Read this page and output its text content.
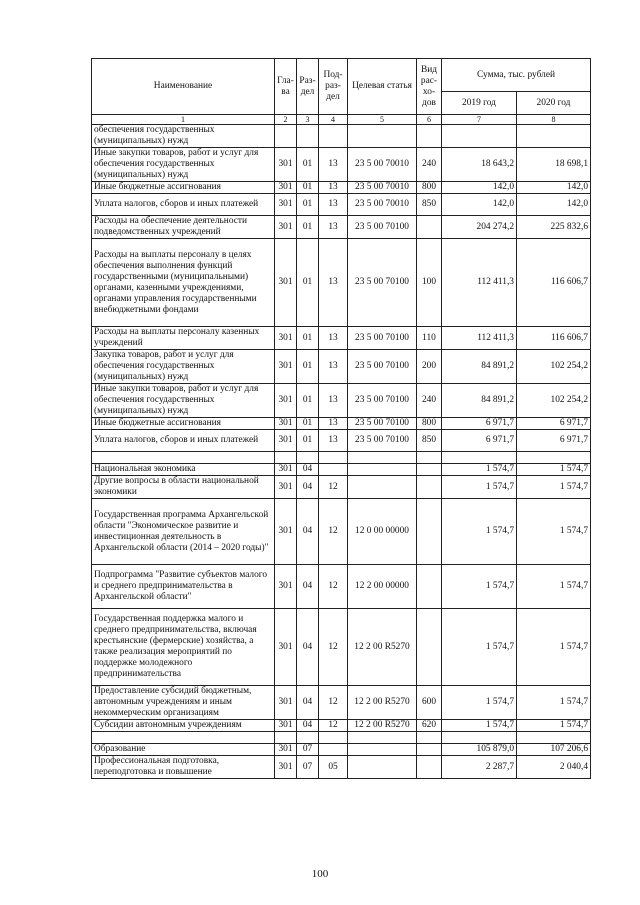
Наименование	Гла-ва	Раз-дел	Под-раз-дел	Целевая статья	Вид рас-хо-дов	Сумма, тыс. рублей	
						2019 год	2020 год
1	2	3	4	5	6	7	8
обеспечения государственных (муниципальных) нужд							
Иные закупки товаров, работ и услуг для обеспечения государственных (муниципальных) нужд	301	01	13	23 5 00 70010	240	18 643,2	18 698,1
Иные бюджетные ассигнования	301	01	13	23 5 00 70010	800	142,0	142,0
Уплата налогов, сборов и иных платежей	301	01	13	23 5 00 70010	850	142,0	142,0
Расходы на обеспечение деятельности подведомственных учреждений	301	01	13	23 5 00 70100		204 274,2	225 832,6
Расходы на выплаты персоналу в целях обеспечения выполнения функций государственными (муниципальными) органами, казенными учреждениями, органами управления государственными внебюджетными фондами	301	01	13	23 5 00 70100	100	112 411,3	116 606,7
Расходы на выплаты персоналу казенных учреждений	301	01	13	23 5 00 70100	110	112 411,3	116 606,7
Закупка товаров, работ и услуг для обеспечения государственных (муниципальных) нужд	301	01	13	23 5 00 70100	200	84 891,2	102 254,2
Иные закупки товаров, работ и услуг для обеспечения государственных (муниципальных) нужд	301	01	13	23 5 00 70100	240	84 891,2	102 254,2
Иные бюджетные ассигнования	301	01	13	23 5 00 70100	800	6 971,7	6 971,7
Уплата налогов, сборов и иных платежей	301	01	13	23 5 00 70100	850	6 971,7	6 971,7

Национальная экономика	301	04				1 574,7	1 574,7
Другие вопросы в области национальной экономики	301	04	12			1 574,7	1 574,7
Государственная программа Архангельской области "Экономическое развитие и инвестиционная деятельность в Архангельской области (2014 – 2020 годы)"	301	04	12	12 0 00 00000		1 574,7	1 574,7
Подпрограмма "Развитие субъектов малого и среднего предпринимательства в Архангельской области"	301	04	12	12 2 00 00000		1 574,7	1 574,7
Государственная поддержка малого и среднего предпринимательства, включая крестьянские (фермерские) хозяйства, а также реализация мероприятий по поддержке молодежного предпринимательства	301	04	12	12 2 00 R5270		1 574,7	1 574,7
Предоставление субсидий бюджетным, автономным учреждениям и иным некоммерческим организациям	301	04	12	12 2 00 R5270	600	1 574,7	1 574,7
Субсидии автономным учреждениям	301	04	12	12 2 00 R5270	620	1 574,7	1 574,7

Образование	301	07				105 879,0	107 206,6
Профессиональная подготовка, переподготовка и повышение	301	07	05			2 287,7	2 040,4
100
